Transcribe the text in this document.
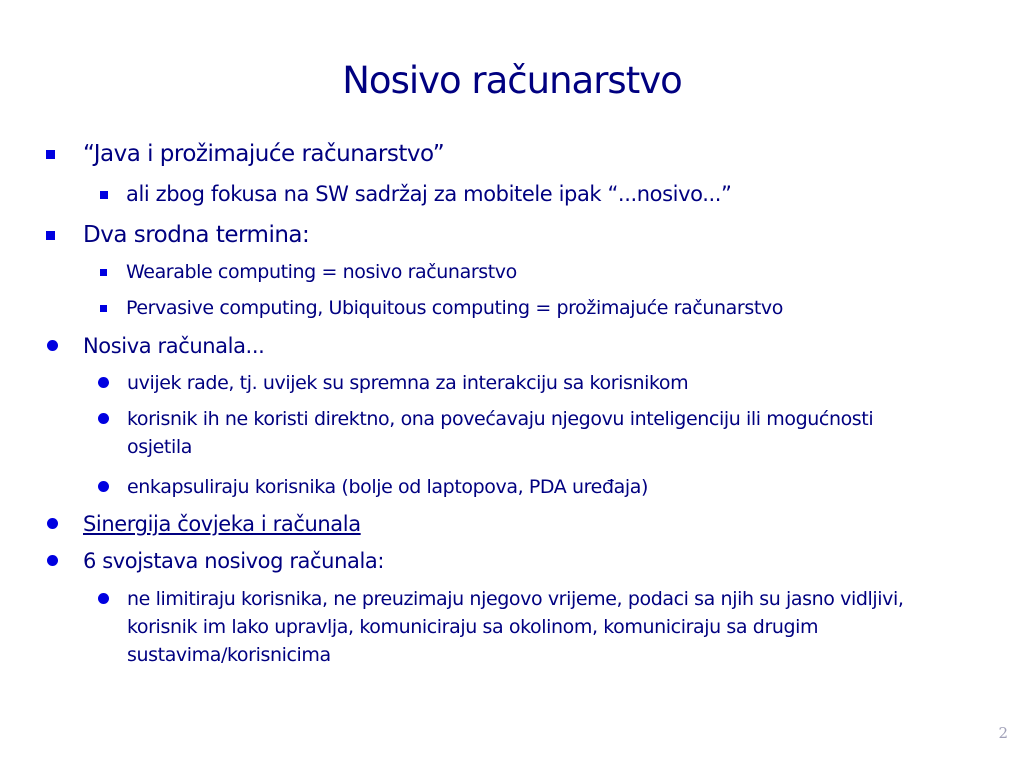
Nosivo računarstvo
“Java i prožimajuće računarstvo”
ali zbog fokusa na SW sadržaj za mobitele ipak “...nosivo...”
Dva srodna termina:
Wearable computing = nosivo računarstvo
Pervasive computing, Ubiquitous computing = prožimajuće računarstvo
Nosiva računala...
uvijek rade, tj. uvijek su spremna za interakciju sa korisnikom
korisnik ih ne koristi direktno, ona povećavaju njegovu inteligenciju ili mogućnosti osjetila
enkapsuliraju korisnika (bolje od laptopova, PDA uređaja)
Sinergija čovjeka i računala
6 svojstava nosivog računala:
ne limitiraju korisnika, ne preuzimaju njegovo vrijeme, podaci sa njih su jasno vidljivi, korisnik im lako upravlja, komuniciraju sa okolinom, komuniciraju sa drugim sustavima/korisnicima
2
